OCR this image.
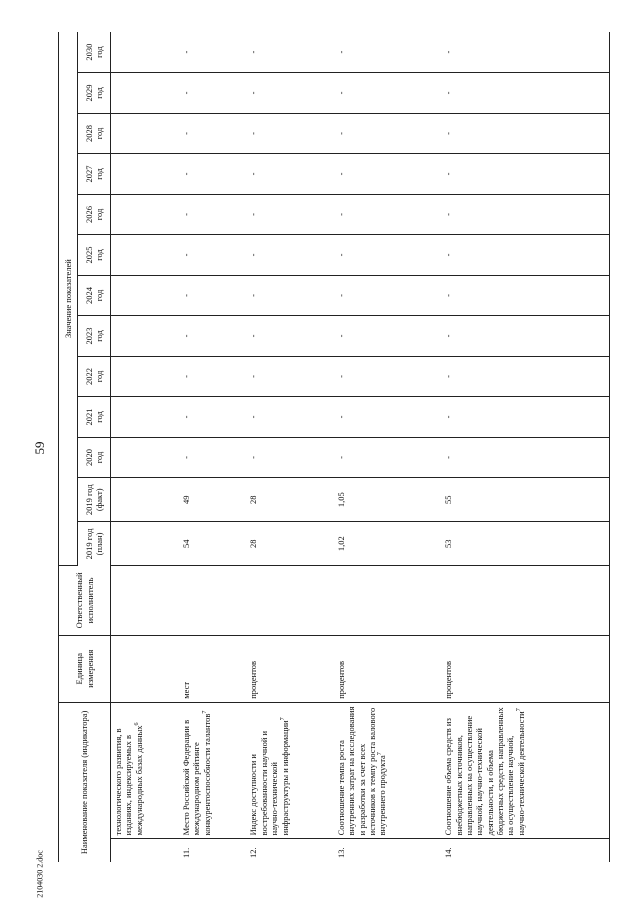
59
Наименование показателя (индикатора)		Единица измерения	Ответственный исполнитель	Значение показателей												

				2019 год (план)	2019 год (факт)	2020 год	2021 год	2022 год	2023 год	2024 год	2025 год	2026 год	2027 год	2028 год	2029 год	2030 год

	технологического развития, в изданиях, индексируемых в международных базах данных$^6$															
11.	Место Российской Федерации в международном рейтинге конкурентоспособности талантов$^7$	мест		54	49	-	-	-	-	-	-	-	-	-	-	-
12.	Индекс доступности и востребованности научной и научно-технической инфраструктуры и информации$^7$	процентов		28	28	-	-	-	-	-	-	-	-	-	-	-
13.	Соотношение темпа роста внутренних затрат на исследования и разработки за счет всех источников к темпу роста валового внутреннего продукта$^7$	процентов		1,02	1,05	-	-	-	-	-	-	-	-	-	-	-
14.	Соотношение объема средств из внебюджетных источников, направленных на осуществление научной, научно-технической деятельности, и объема бюджетных средств, направленных на осуществление научной, научно-технической деятельности$^7$	процентов		53	55	-	-	-	-	-	-	-	-	-	-	-
2104030 2.doc
